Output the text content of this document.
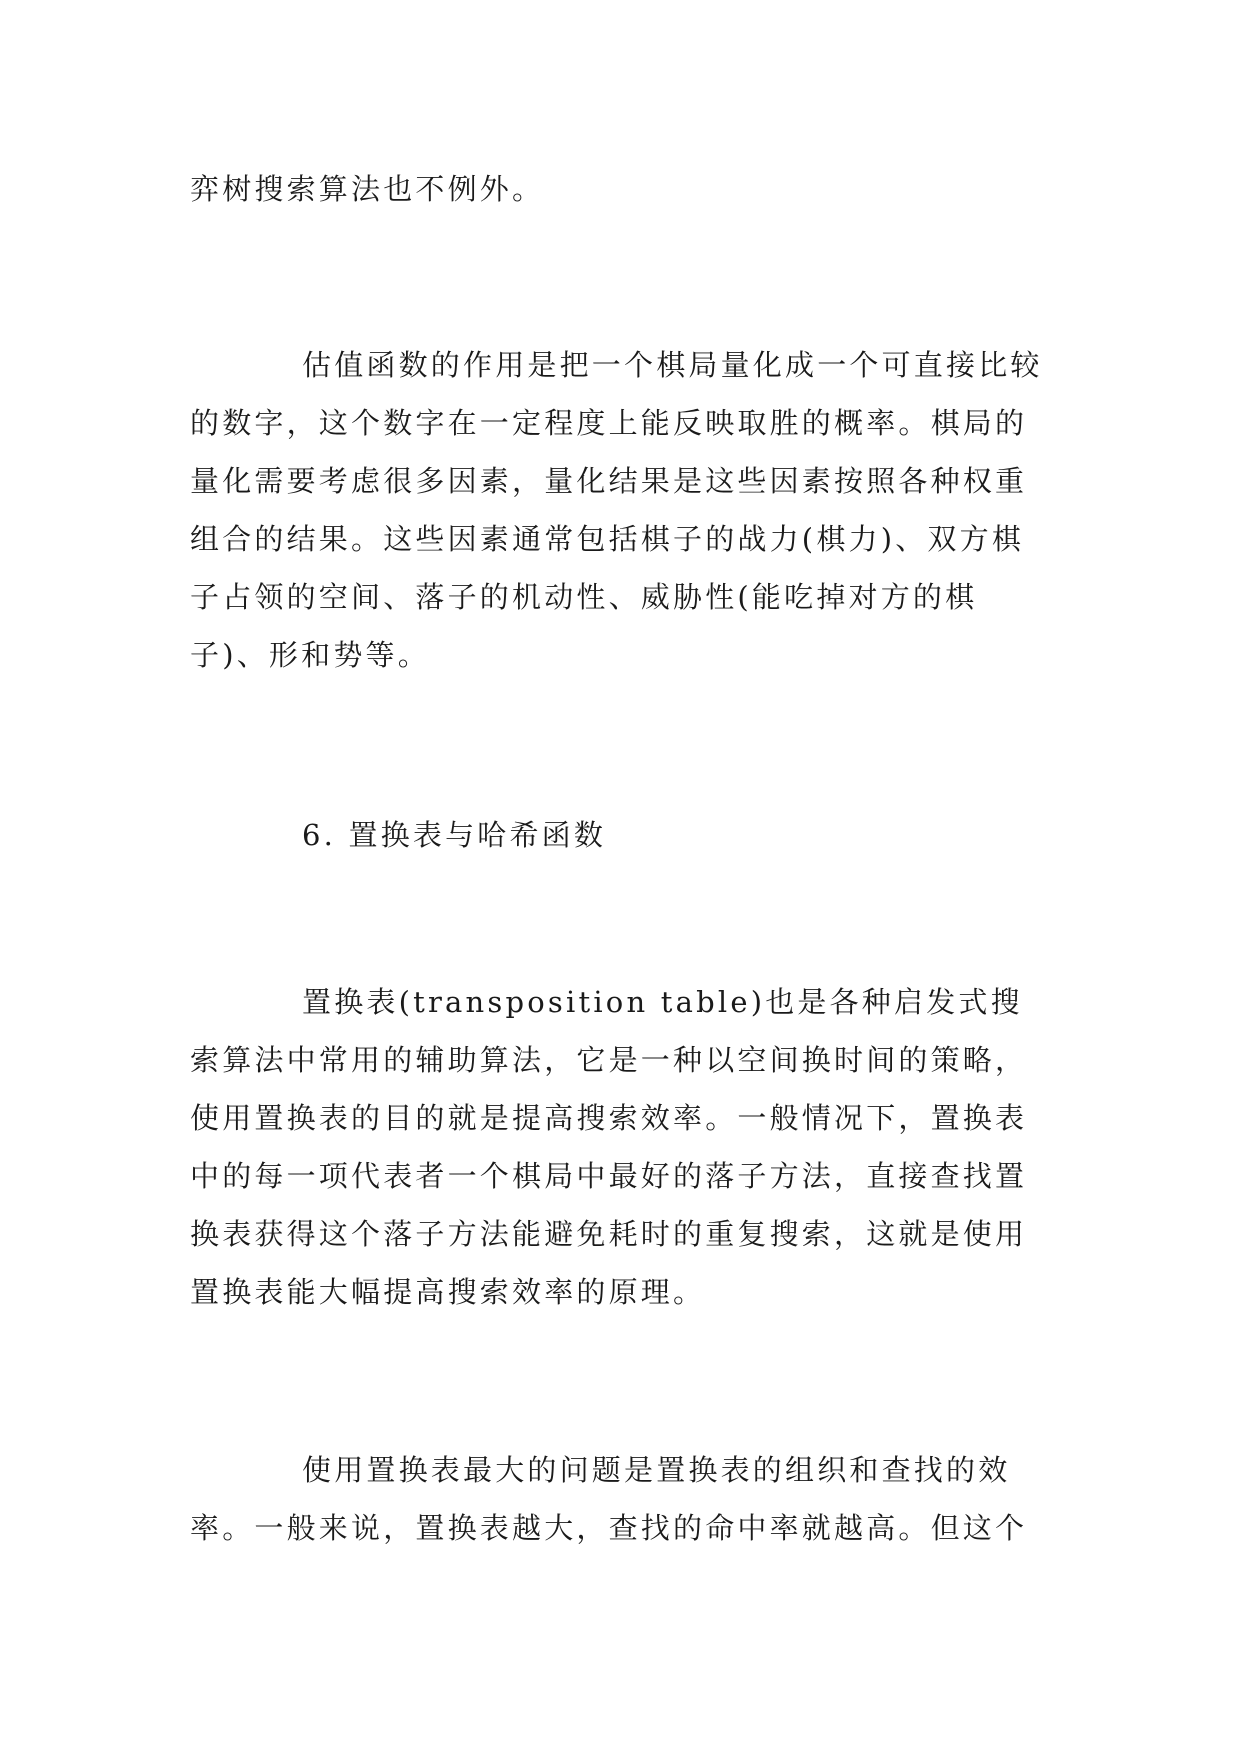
弈树搜索算法也不例外。

估值函数的作用是把一个棋局量化成一个可直接比较的数字，这个数字在一定程度上能反映取胜的概率。棋局的量化需要考虑很多因素，量化结果是这些因素按照各种权重组合的结果。这些因素通常包括棋子的战力(棋力)、双方棋子占领的空间、落子的机动性、威胁性(能吃掉对方的棋子)、形和势等。

6. 置换表与哈希函数

置换表(transposition table)也是各种启发式搜索算法中常用的辅助算法，它是一种以空间换时间的策略，使用置换表的目的就是提高搜索效率。一般情况下，置换表中的每一项代表者一个棋局中最好的落子方法，直接查找置换表获得这个落子方法能避免耗时的重复搜索，这就是使用置换表能大幅提高搜索效率的原理。

使用置换表最大的问题是置换表的组织和查找的效率。一般来说，置换表越大，查找的命中率就越高。但这个
